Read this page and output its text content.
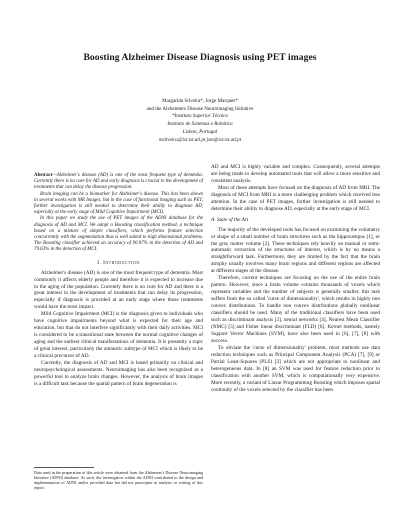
Boosting Alzheimer Disease Diagnosis using PET images
Margarida Silveira*, Jorge Marques*
and the Alzheimers Disease Neuroimaging Initiative
*Instituto Superior Técnico
Instituto de Sistemas e Robótica
Lisbon, Portugal
msilveira@isr.ist.utl.pt jsm@isr.ist.utl.pt

Abstract—Alzheimer's disease (AD) is one of the most frequent type of dementia. Currently there is no cure for AD and early diagnosis is crucial to the development of treatments that can delay the disease progression.

Brain imaging can be a biomarker for Alzheimer's disease. This has been shown in several works with MR Images, but in the case of functional imaging such as PET, further investigation is still needed to determine their ability to diagnose AD, especially at the early stage of Mild Cognitive Impairment (MCI).

In this paper we study the use of PET images of the ADNI database for the diagnosis of AD and MCI. We adopt a Boosting classification method, a technique based on a mixture of simple classifiers, which performs feature selection concurrently with the segmentation thus is well suited to high dimensional problems. The Boosting classifier achieved an accuracy of 90.97% in the detection of AD and 79.63% in the detection of MCI.

I. Introduction

Alzheimer's disease (AD) is one of the most frequent type of dementia. Most commonly it affects elderly people and therefore it is expected to increase due to the aging of the population. Currently there is no cure for AD and there is a great interest in the development of treatments that can delay its progression, especially if diagnosis is provided at an early stage where those treatments would have the most impact.

Mild Cognitive Impairment (MCI) is the diagnosis given to individuals who have cognitive impairments beyond what is expected for their age and education, but that do not interfere significantly with their daily activities. MCI is considered to be a transitional state between the normal cognitive changes of aging and the earliest clinical manifestations of dementia. It is presently a topic of great interest, particularly the amnestic subtype of MCI which is likely to be a clinical precursor of AD.

Currently, the diagnosis of AD and MCI is based primarily on clinical and neuropsychological assessments. Neuroimaging has also been recognized as a powerful tool to analyze brain changes. However, the analysis of brain images is a difficult task because the spatial pattern of brain degeneration is

Data used in the preparation of this article were obtained from the Alzheimer's Disease Neuroimaging Initiative (ADNI) database. As such, the investigators within the ADNI contributed to the design and implementation of ADNI and/or provided data but did not participate in analysis or writing of this report.

AD and MCI is highly variable and complex. Consequently, several attempts are being made to develop automated tools that will allow a more sensitive and consistent analysis.

Most of these attempts have focused on the diagnosis of AD from MRI. The diagnosis of MCI from MRI is a more challenging problem which received less attention. In the case of PET images, further investigation is still needed to determine their ability to diagnose AD, especially at the early stage of MCI.

A. State of the Art

The majority of the developed tools has focused on examining the volumetry or shape of a small number of brain structures such as the hippocampus [1], or the gray matter volume [2]. These techniques rely heavily on manual or semi-automatic extraction of the structures of interest, which is by no means a straightforward task. Furthermore, they are limited by the fact that the brain atrophy usually involves many brain regions and different regions are affected at different stages of the disease.

Therefore, current techniques are focusing on the use of the entire brain pattern. However, since a brain volume contains thousands of voxels which represent variables and the number of subjects is generally smaller, this task suffers from the so called 'curse of dimensionality', which results in highly non convex distributions. To handle non convex distributions globally nonlinear classifiers should be used. Many of the traditional classifiers have been used such as discriminant analysis [3], neural networks [4], Nearest Mean Classifier (NMC) [5] and Fisher linear discriminant (FLD) [6]. Kernel methods, namely Support Vector Machines (SVM), have also been used in [6], [7], [8] with success.

To obviate the 'curse of dimensionality' problem, most methods use data reduction techniques such as Principal Component Analysis (PCA) [7], [9] or Partial Least-Squares (PLS) [3] which are not appropriate to nonlinear and heterogeneous data. In [8] an SVM was used for feature reduction prior to classification with another SVM, which is computationally very expensive. More recently, a variant of Linear Programming Boosting which imposes spatial continuity of the voxels selected by the classifier has been
